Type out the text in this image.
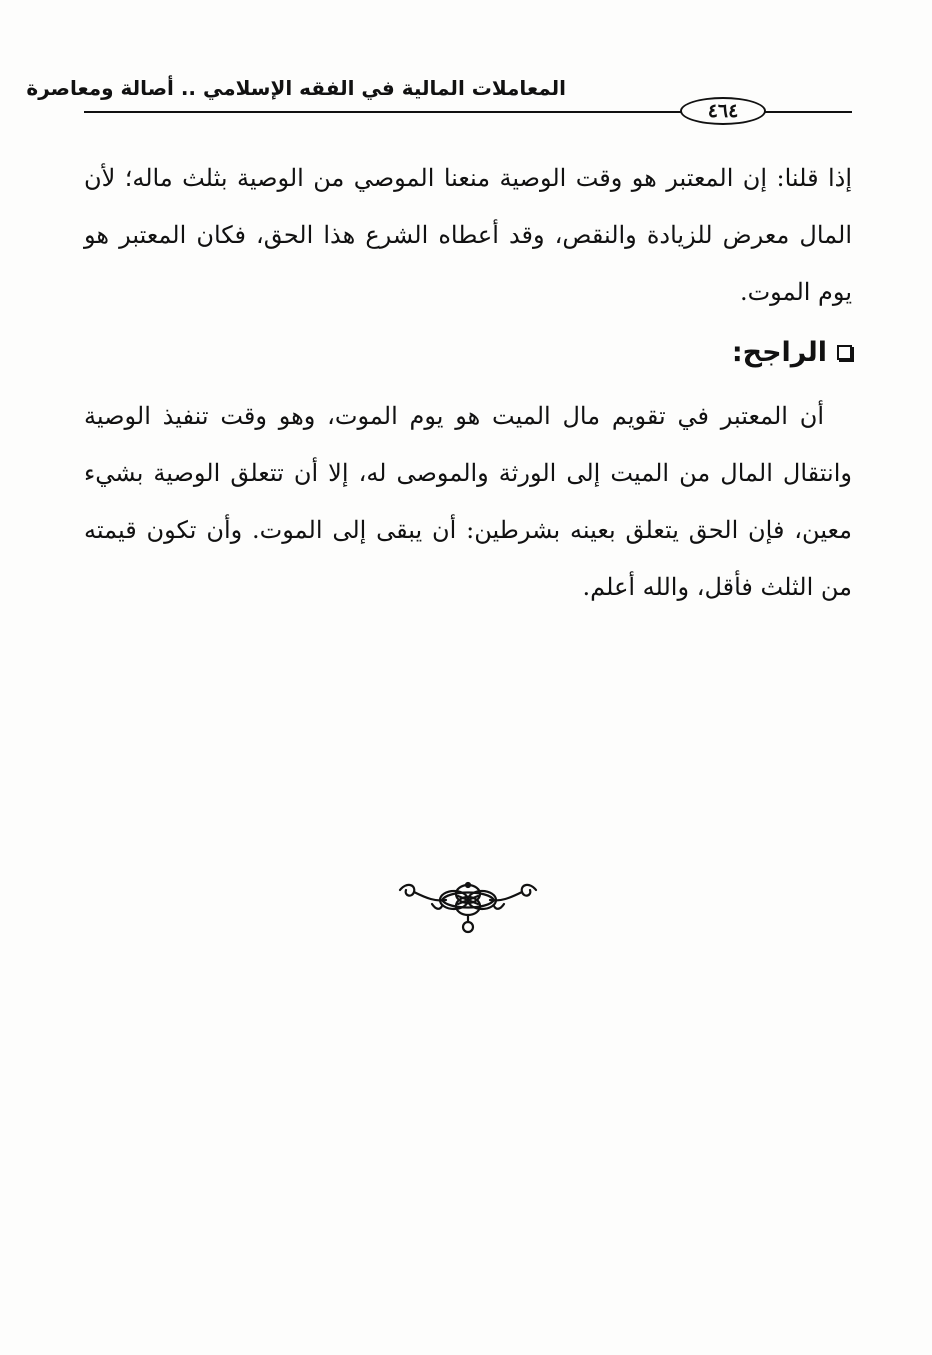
المعاملات المالية في الفقه الإسلامي .. أصالة ومعاصرة
٤٦٤
إذا قلنا: إن المعتبر هو وقت الوصية منعنا الموصي من الوصية بثلث ماله؛ لأن المال معرض للزيادة والنقص، وقد أعطاه الشرع هذا الحق، فكان المعتبر هو يوم الموت.
الراجح:
أن المعتبر في تقويم مال الميت هو يوم الموت، وهو وقت تنفيذ الوصية وانتقال المال من الميت إلى الورثة والموصى له، إلا أن تتعلق الوصية بشيء معين، فإن الحق يتعلق بعينه بشرطين: أن يبقى إلى الموت. وأن تكون قيمته من الثلث فأقل، والله أعلم.
